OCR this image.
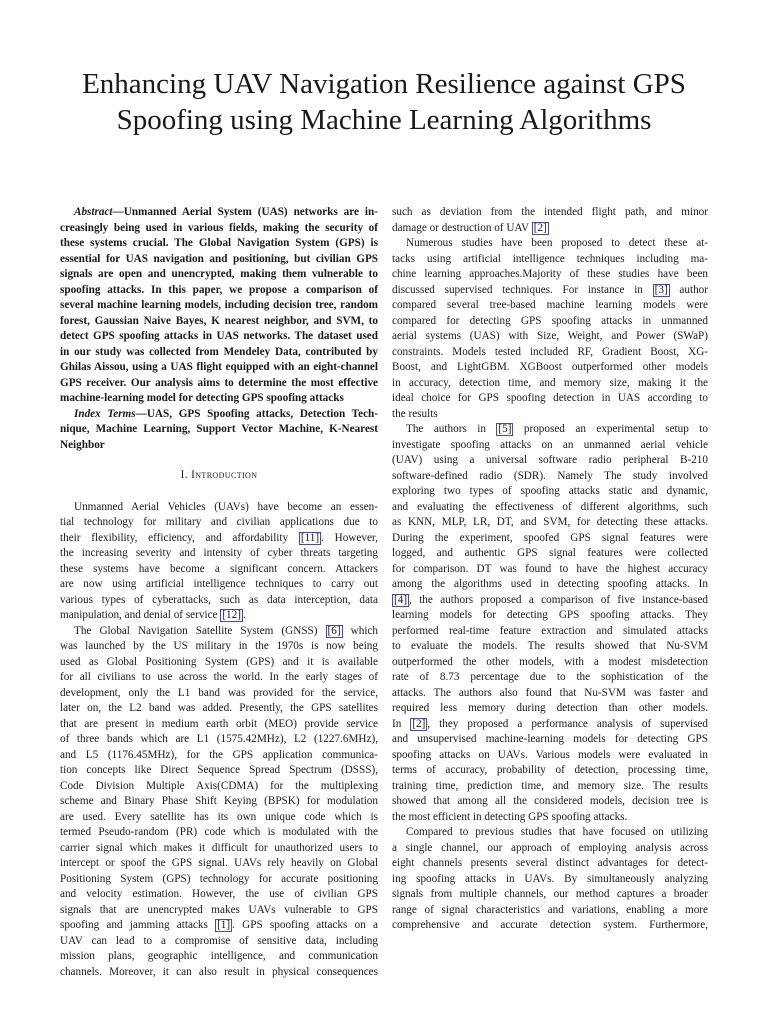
Enhancing UAV Navigation Resilience against GPS
Spoofing using Machine Learning Algorithms
Abstract—Unmanned Aerial System (UAS) networks are in-
creasingly being used in various fields, making the security of
these systems crucial. The Global Navigation System (GPS) is
essential for UAS navigation and positioning, but civilian GPS
signals are open and unencrypted, making them vulnerable to
spoofing attacks. In this paper, we propose a comparison of
several machine learning models, including decision tree, random
forest, Gaussian Naive Bayes, K nearest neighbor, and SVM, to
detect GPS spoofing attacks in UAS networks. The dataset used
in our study was collected from Mendeley Data, contributed by
Ghilas Aissou, using a UAS flight equipped with an eight-channel
GPS receiver. Our analysis aims to determine the most effective
machine-learning model for detecting GPS spoofing attacks
Index Terms—UAS, GPS Spoofing attacks, Detection Tech-
nique, Machine Learning, Support Vector Machine, K-Nearest
Neighbor
I. Introduction
Unmanned Aerial Vehicles (UAVs) have become an essen-
tial technology for military and civilian applications due to
their flexibility, efficiency, and affordability [11] . However,
the increasing severity and intensity of cyber threats targeting
these systems have become a significant concern. Attackers
are now using artificial intelligence techniques to carry out
various types of cyberattacks, such as data interception, data
manipulation, and denial of service [12] .
The Global Navigation Satellite System (GNSS) [6] which
was launched by the US military in the 1970s is now being
used as Global Positioning System (GPS) and it is available
for all civilians to use across the world. In the early stages of
development, only the L1 band was provided for the service,
later on, the L2 band was added. Presently, the GPS satellites
that are present in medium earth orbit (MEO) provide service
of three bands which are L1 (1575.42MHz), L2 (1227.6MHz),
and L5 (1176.45MHz), for the GPS application communica-
tion concepts like Direct Sequence Spread Spectrum (DSSS),
Code Division Multiple Axis(CDMA) for the multiplexing
scheme and Binary Phase Shift Keying (BPSK) for modulation
are used. Every satellite has its own unique code which is
termed Pseudo-random (PR) code which is modulated with the
carrier signal which makes it difficult for unauthorized users to
intercept or spoof the GPS signal. UAVs rely heavily on Global
Positioning System (GPS) technology for accurate positioning
and velocity estimation. However, the use of civilian GPS
signals that are unencrypted makes UAVs vulnerable to GPS
spoofing and jamming attacks [1] . GPS spoofing attacks on a
UAV can lead to a compromise of sensitive data, including
mission plans, geographic intelligence, and communication
channels. Moreover, it can also result in physical consequences
such as deviation from the intended flight path, and minor
damage or destruction of UAV [2]
Numerous studies have been proposed to detect these at-
tacks using artificial intelligence techniques including ma-
chine learning approaches.Majority of these studies have been
discussed supervised techniques. For instance in [3] author
compared several tree-based machine learning models were
compared for detecting GPS spoofing attacks in unmanned
aerial systems (UAS) with Size, Weight, and Power (SWaP)
constraints. Models tested included RF, Gradient Boost, XG-
Boost, and LightGBM. XGBoost outperformed other models
in accuracy, detection time, and memory size, making it the
ideal choice for GPS spoofing detection in UAS according to
the results
The authors in [5] proposed an experimental setup to
investigate spoofing attacks on an unmanned aerial vehicle
(UAV) using a universal software radio peripheral B-210
software-defined radio (SDR). Namely The study involved
exploring two types of spoofing attacks static and dynamic,
and evaluating the effectiveness of different algorithms, such
as KNN, MLP, LR, DT, and SVM, for detecting these attacks.
During the experiment, spoofed GPS signal features were
logged, and authentic GPS signal features were collected
for comparison. DT was found to have the highest accuracy
among the algorithms used in detecting spoofing attacks. In
[4] , the authors proposed a comparison of five instance-based
learning models for detecting GPS spoofing attacks. They
performed real-time feature extraction and simulated attacks
to evaluate the models. The results showed that Nu-SVM
outperformed the other models, with a modest misdetection
rate of 8.73 percentage due to the sophistication of the
attacks. The authors also found that Nu-SVM was faster and
required less memory during detection than other models.
In [2] , they proposed a performance analysis of supervised
and unsupervised machine-learning models for detecting GPS
spoofing attacks on UAVs. Various models were evaluated in
terms of accuracy, probability of detection, processing time,
training time, prediction time, and memory size. The results
showed that among all the considered models, decision tree is
the most efficient in detecting GPS spoofing attacks.
Compared to previous studies that have focused on utilizing
a single channel, our approach of employing analysis across
eight channels presents several distinct advantages for detect-
ing spoofing attacks in UAVs. By simultaneously analyzing
signals from multiple channels, our method captures a broader
range of signal characteristics and variations, enabling a more
comprehensive and accurate detection system. Furthermore,
